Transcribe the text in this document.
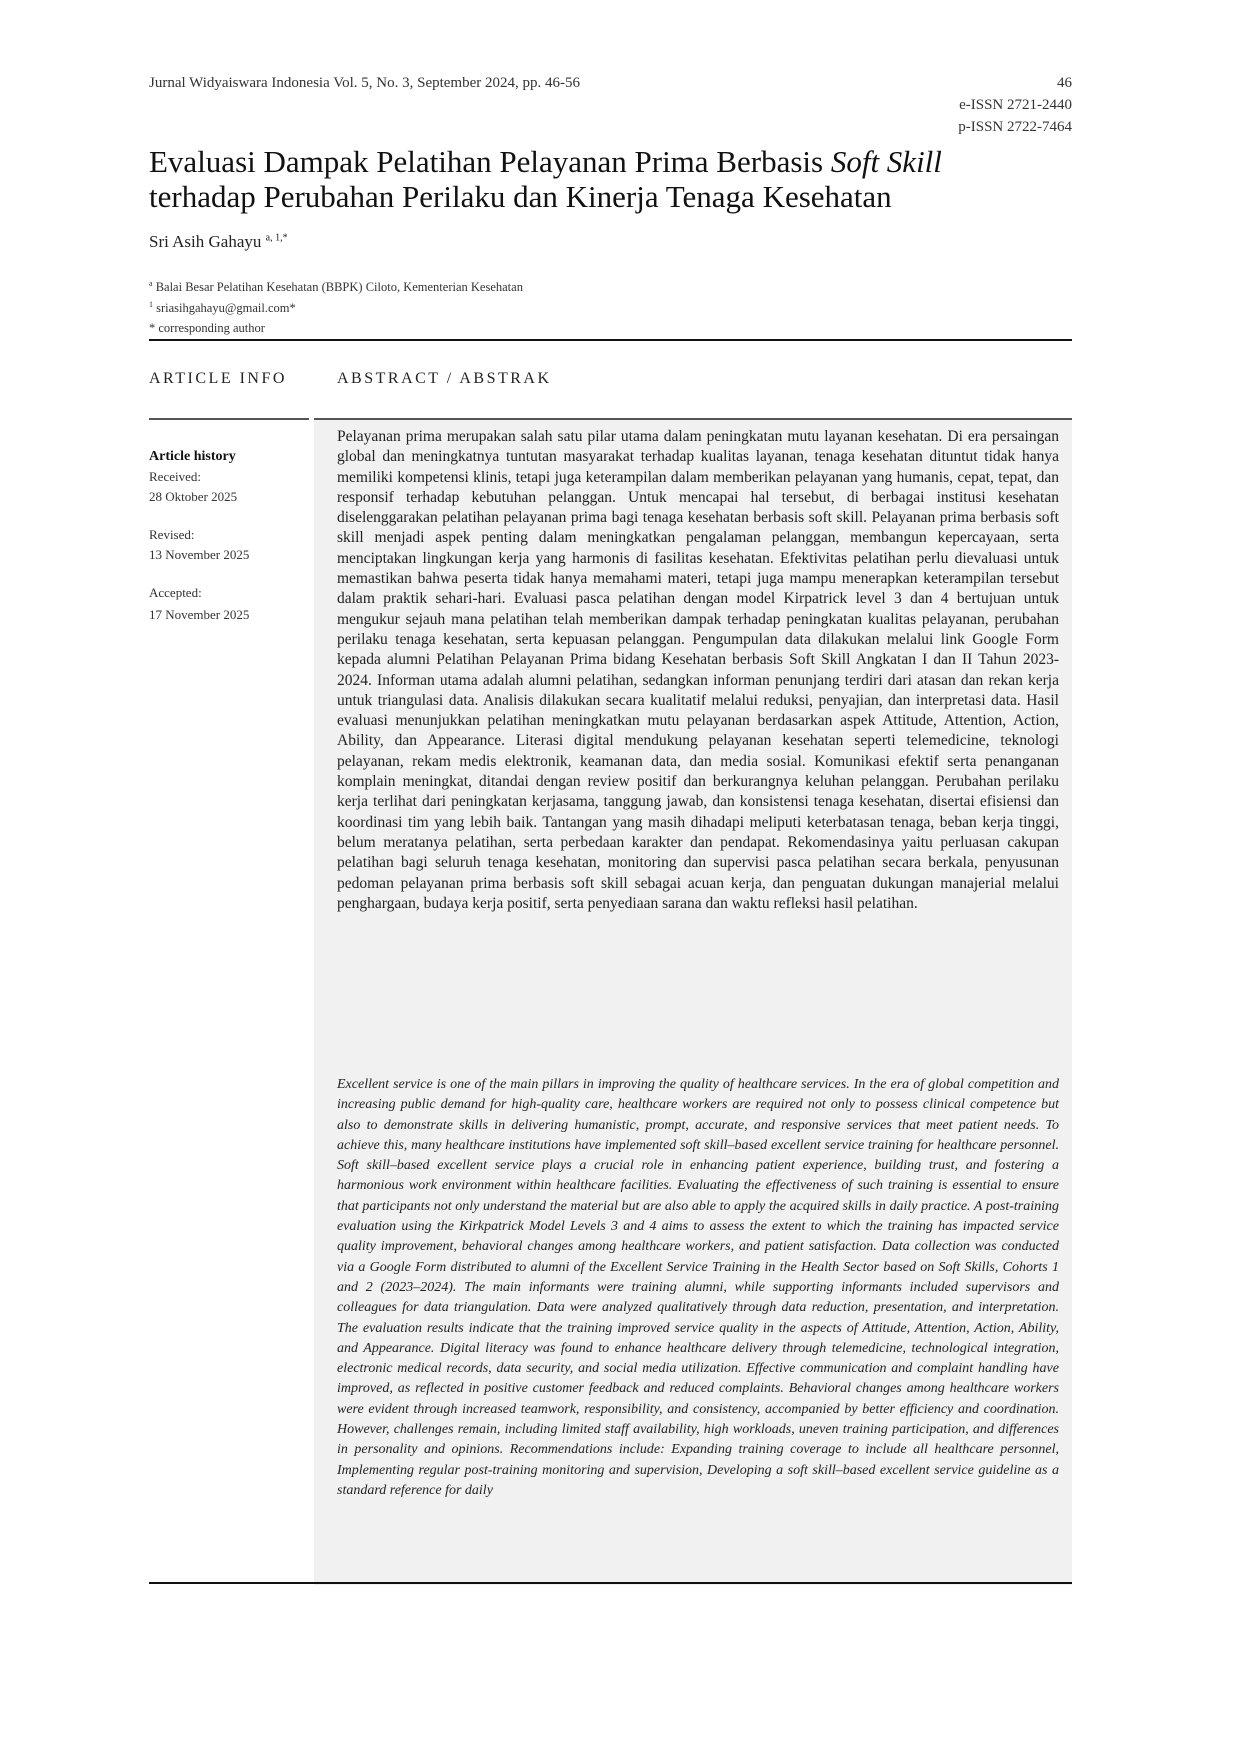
Jurnal Widyaiswara Indonesia Vol. 5, No. 3, September 2024, pp. 46-56	46
e-ISSN 2721-2440
p-ISSN 2722-7464
Evaluasi Dampak Pelatihan Pelayanan Prima Berbasis Soft Skill
terhadap Perubahan Perilaku dan Kinerja Tenaga Kesehatan
Sri Asih Gahayu $^{a, 1,*}$
$^a$ Balai Besar Pelatihan Kesehatan (BBPK) Ciloto, Kementerian Kesehatan
$^1$ sriasihgahayu@gmail.com*
* corresponding author
ARTICLE INFO	ABSTRACT / ABSTRAK
Article history
Received:
28 Oktober 2025
Revised:
13 November 2025
Accepted:
17 November 2025
Pelayanan prima merupakan salah satu pilar utama dalam peningkatan mutu layanan kesehatan. Di era persaingan global dan meningkatnya tuntutan masyarakat terhadap kualitas layanan, tenaga kesehatan dituntut tidak hanya memiliki kompetensi klinis, tetapi juga keterampilan dalam memberikan pelayanan yang humanis, cepat, tepat, dan responsif terhadap kebutuhan pelanggan. Untuk mencapai hal tersebut, di berbagai institusi kesehatan diselenggarakan pelatihan pelayanan prima bagi tenaga kesehatan berbasis soft skill. Pelayanan prima berbasis soft skill menjadi aspek penting dalam meningkatkan pengalaman pelanggan, membangun kepercayaan, serta menciptakan lingkungan kerja yang harmonis di fasilitas kesehatan. Efektivitas pelatihan perlu dievaluasi untuk memastikan bahwa peserta tidak hanya memahami materi, tetapi juga mampu menerapkan keterampilan tersebut dalam praktik sehari-hari. Evaluasi pasca pelatihan dengan model Kirpatrick level 3 dan 4 bertujuan untuk mengukur sejauh mana pelatihan telah memberikan dampak terhadap peningkatan kualitas pelayanan, perubahan perilaku tenaga kesehatan, serta kepuasan pelanggan. Pengumpulan data dilakukan melalui link Google Form kepada alumni Pelatihan Pelayanan Prima bidang Kesehatan berbasis Soft Skill Angkatan I dan II Tahun 2023-2024. Informan utama adalah alumni pelatihan, sedangkan informan penunjang terdiri dari atasan dan rekan kerja untuk triangulasi data. Analisis dilakukan secara kualitatif melalui reduksi, penyajian, dan interpretasi data. Hasil evaluasi menunjukkan pelatihan meningkatkan mutu pelayanan berdasarkan aspek Attitude, Attention, Action, Ability, dan Appearance. Literasi digital mendukung pelayanan kesehatan seperti telemedicine, teknologi pelayanan, rekam medis elektronik, keamanan data, dan media sosial. Komunikasi efektif serta penanganan komplain meningkat, ditandai dengan review positif dan berkurangnya keluhan pelanggan. Perubahan perilaku kerja terlihat dari peningkatan kerjasama, tanggung jawab, dan konsistensi tenaga kesehatan, disertai efisiensi dan koordinasi tim yang lebih baik. Tantangan yang masih dihadapi meliputi keterbatasan tenaga, beban kerja tinggi, belum meratanya pelatihan, serta perbedaan karakter dan pendapat. Rekomendasinya yaitu perluasan cakupan pelatihan bagi seluruh tenaga kesehatan, monitoring dan supervisi pasca pelatihan secara berkala, penyusunan pedoman pelayanan prima berbasis soft skill sebagai acuan kerja, dan penguatan dukungan manajerial melalui penghargaan, budaya kerja positif, serta penyediaan sarana dan waktu refleksi hasil pelatihan.
Excellent service is one of the main pillars in improving the quality of healthcare services. In the era of global competition and increasing public demand for high-quality care, healthcare workers are required not only to possess clinical competence but also to demonstrate skills in delivering humanistic, prompt, accurate, and responsive services that meet patient needs. To achieve this, many healthcare institutions have implemented soft skill–based excellent service training for healthcare personnel. Soft skill–based excellent service plays a crucial role in enhancing patient experience, building trust, and fostering a harmonious work environment within healthcare facilities. Evaluating the effectiveness of such training is essential to ensure that participants not only understand the material but are also able to apply the acquired skills in daily practice. A post-training evaluation using the Kirkpatrick Model Levels 3 and 4 aims to assess the extent to which the training has impacted service quality improvement, behavioral changes among healthcare workers, and patient satisfaction. Data collection was conducted via a Google Form distributed to alumni of the Excellent Service Training in the Health Sector based on Soft Skills, Cohorts 1 and 2 (2023–2024). The main informants were training alumni, while supporting informants included supervisors and colleagues for data triangulation. Data were analyzed qualitatively through data reduction, presentation, and interpretation. The evaluation results indicate that the training improved service quality in the aspects of Attitude, Attention, Action, Ability, and Appearance. Digital literacy was found to enhance healthcare delivery through telemedicine, technological integration, electronic medical records, data security, and social media utilization. Effective communication and complaint handling have improved, as reflected in positive customer feedback and reduced complaints. Behavioral changes among healthcare workers were evident through increased teamwork, responsibility, and consistency, accompanied by better efficiency and coordination. However, challenges remain, including limited staff availability, high workloads, uneven training participation, and differences in personality and opinions. Recommendations include: Expanding training coverage to include all healthcare personnel, Implementing regular post-training monitoring and supervision, Developing a soft skill–based excellent service guideline as a standard reference for daily
